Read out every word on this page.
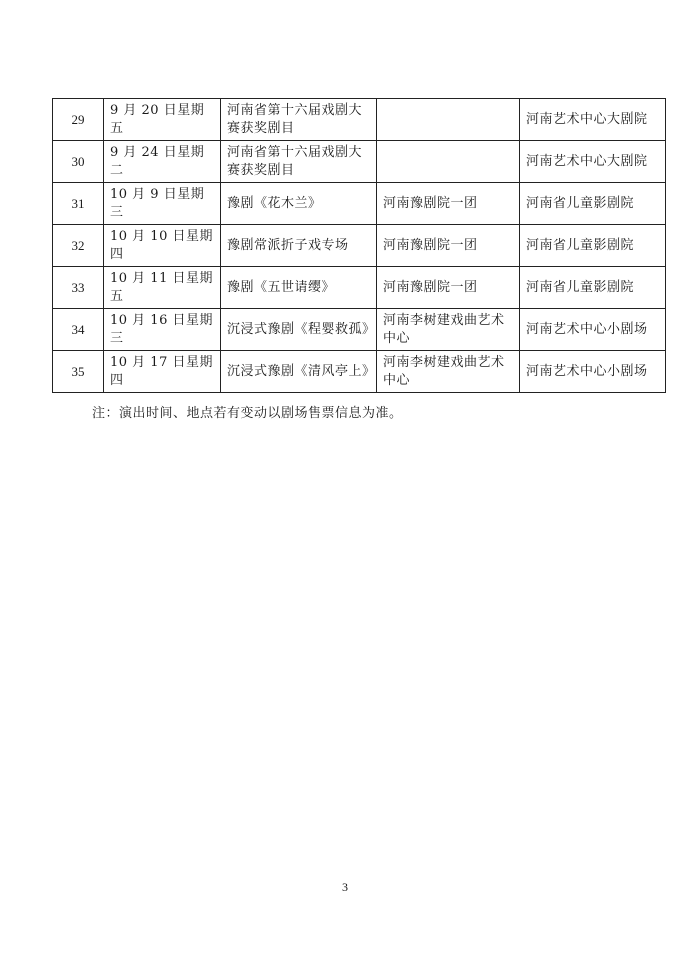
29	9 月 20 日星期五	河南省第十六届戏剧大赛获奖剧目		河南艺术中心大剧院
30	9 月 24 日星期二	河南省第十六届戏剧大赛获奖剧目		河南艺术中心大剧院
31	10 月 9 日星期三	豫剧《花木兰》	河南豫剧院一团	河南省儿童影剧院
32	10 月 10 日星期四	豫剧常派折子戏专场	河南豫剧院一团	河南省儿童影剧院
33	10 月 11 日星期五	豫剧《五世请缨》	河南豫剧院一团	河南省儿童影剧院
34	10 月 16 日星期三	沉浸式豫剧《程婴救孤》	河南李树建戏曲艺术中心	河南艺术中心小剧场
35	10 月 17 日星期四	沉浸式豫剧《清风亭上》	河南李树建戏曲艺术中心	河南艺术中心小剧场
注：演出时间、地点若有变动以剧场售票信息为准。
3
